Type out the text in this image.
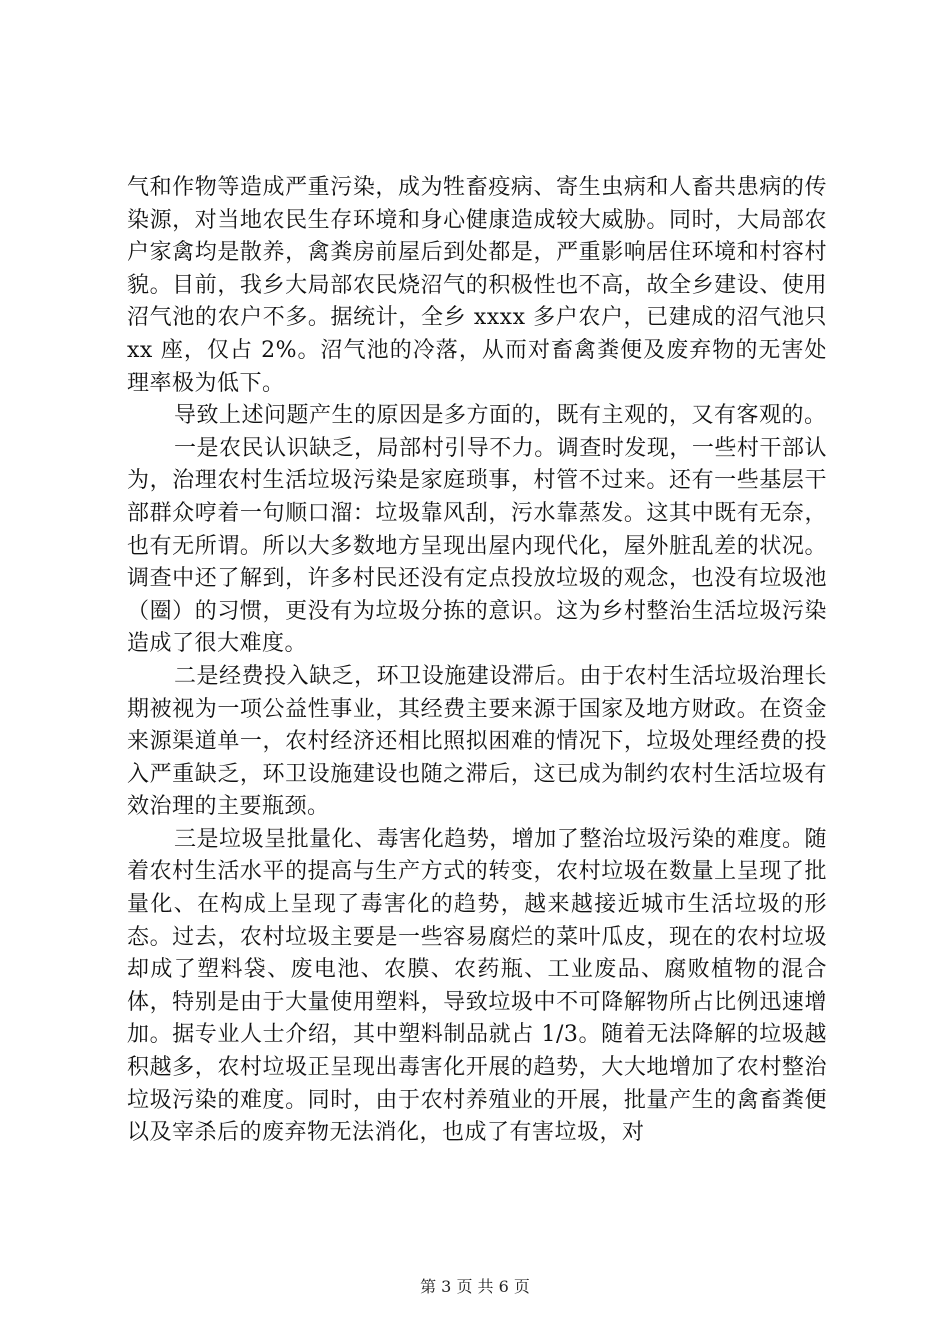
气和作物等造成严重污染，成为牲畜疫病、寄生虫病和人畜共患病的传染源，对当地农民生存环境和身心健康造成较大威胁。同时，大局部农户家禽均是散养，禽粪房前屋后到处都是，严重影响居住环境和村容村貌。目前，我乡大局部农民烧沼气的积极性也不高，故全乡建设、使用沼气池的农户不多。据统计，全乡 xxxx 多户农户，已建成的沼气池只 xx 座，仅占 2%。沼气池的冷落，从而对畜禽粪便及废弃物的无害处理率极为低下。

导致上述问题产生的原因是多方面的，既有主观的，又有客观的。

一是农民认识缺乏，局部村引导不力。调查时发现，一些村干部认为，治理农村生活垃圾污染是家庭琐事，村管不过来。还有一些基层干部群众哼着一句顺口溜：垃圾靠风刮，污水靠蒸发。这其中既有无奈，也有无所谓。所以大多数地方呈现出屋内现代化，屋外脏乱差的状况。调查中还了解到，许多村民还没有定点投放垃圾的观念，也没有垃圾池（圈）的习惯，更没有为垃圾分拣的意识。这为乡村整治生活垃圾污染造成了很大难度。

二是经费投入缺乏，环卫设施建设滞后。由于农村生活垃圾治理长期被视为一项公益性事业，其经费主要来源于国家及地方财政。在资金来源渠道单一，农村经济还相比照拟困难的情况下，垃圾处理经费的投入严重缺乏，环卫设施建设也随之滞后，这已成为制约农村生活垃圾有效治理的主要瓶颈。

三是垃圾呈批量化、毒害化趋势，增加了整治垃圾污染的难度。随着农村生活水平的提高与生产方式的转变，农村垃圾在数量上呈现了批量化、在构成上呈现了毒害化的趋势，越来越接近城市生活垃圾的形态。过去，农村垃圾主要是一些容易腐烂的菜叶瓜皮，现在的农村垃圾却成了塑料袋、废电池、农膜、农药瓶、工业废品、腐败植物的混合体，特别是由于大量使用塑料，导致垃圾中不可降解物所占比例迅速增加。据专业人士介绍，其中塑料制品就占 1/3。随着无法降解的垃圾越积越多，农村垃圾正呈现出毒害化开展的趋势，大大地增加了农村整治垃圾污染的难度。同时，由于农村养殖业的开展，批量产生的禽畜粪便以及宰杀后的废弃物无法消化，也成了有害垃圾，对

第 3 页 共 6 页
